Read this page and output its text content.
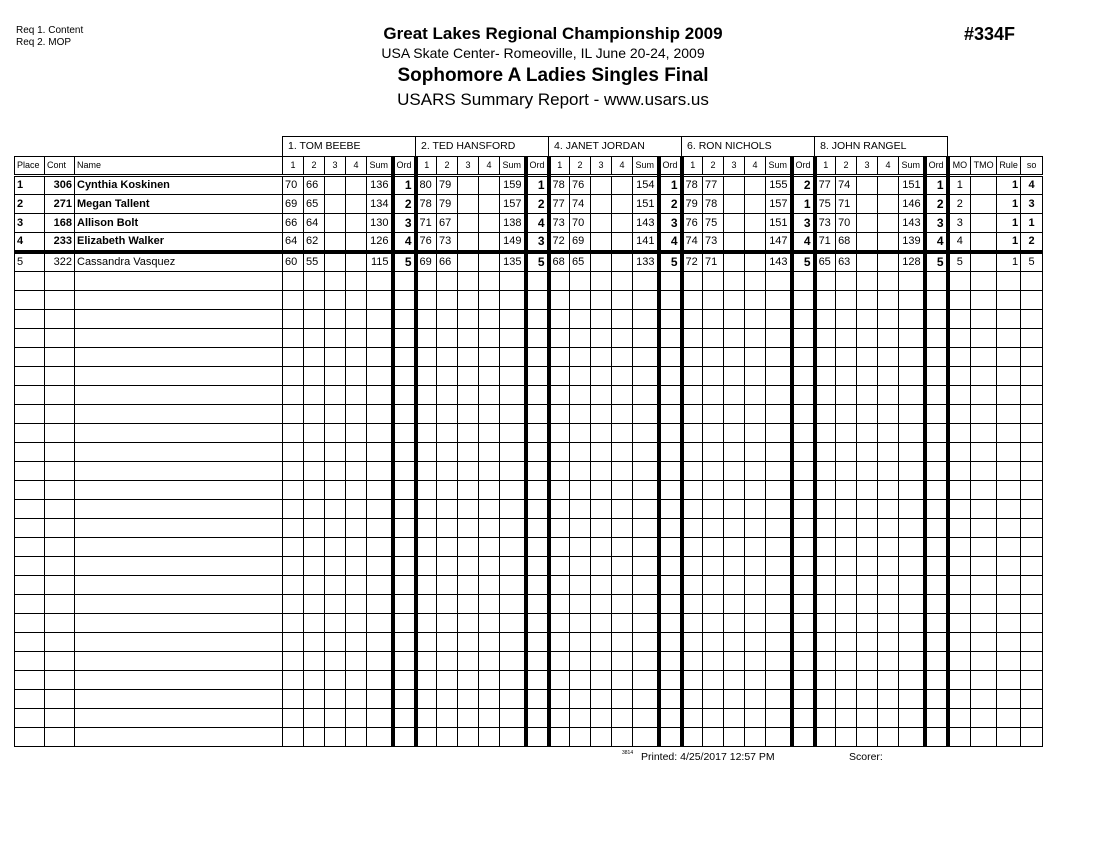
Req 1. Content
Req 2. MOP	Great Lakes Regional Championship 2009
USA Skate Center- Romeoville, IL June 20-24, 2009
Sophomore A Ladies Singles Final
USARS Summary Report - www.usars.us
#334F
			1. TOM BEEBE						2. TED HANSFORD						4. JANET JORDAN						6. RON NICHOLS						8. JOHN RANGEL									
Place	Cont	Name	1	2	3	4	Sum	Ord	1	2	3	4	Sum	Ord	1	2	3	4	Sum	Ord	1	2	3	4	Sum	Ord	1	2	3	4	Sum	Ord	MO	TMO	Rule	so
1	306	Cynthia Koskinen	70	66			136	1	80	79			159	1	78	76			154	1	78	77			155	2	77	74			151	1	1		1	4
2	271	Megan Tallent	69	65			134	2	78	79			157	2	77	74			151	2	79	78			157	1	75	71			146	2	2		1	3
3	168	Allison Bolt	66	64			130	3	71	67			138	4	73	70			143	3	76	75			151	3	73	70			143	3	3		1	1
4	233	Elizabeth Walker	64	62			126	4	76	73			149	3	72	69			141	4	74	73			147	4	71	68			139	4	4		1	2
5	322	Cassandra Vasquez	60	55			115	5	69	66			135	5	68	65			133	5	72	71			143	5	65	63			128	5	5		1	5

3814 Printed: 4/25/2017 12:57 PM	Scorer:
